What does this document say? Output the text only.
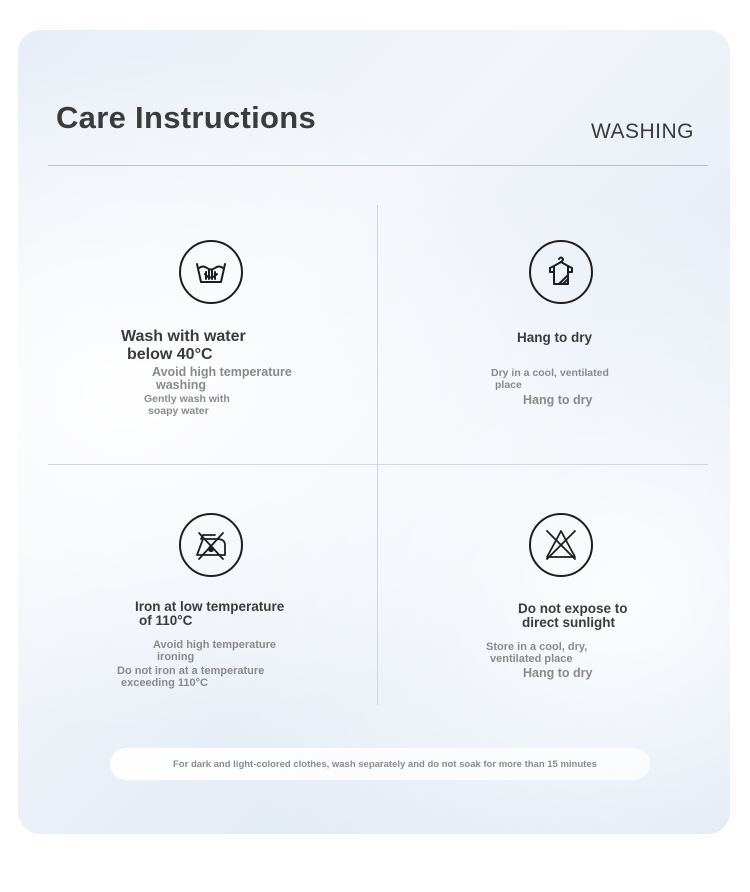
Care Instructions	WASHING
Wash with water
below 40°C
Avoid high temperature
washing
Gently wash with
soapy water
Hang to dry
Dry in a cool, ventilated
place
Hang to dry
Iron at low temperature
of 110°C
Avoid high temperature
ironing
Do not iron at a temperature
exceeding 110°C
Do not expose to
direct sunlight
Store in a cool, dry,
ventilated place
Hang to dry
For dark and light-colored clothes, wash separately and do not soak for more than 15 minutes
